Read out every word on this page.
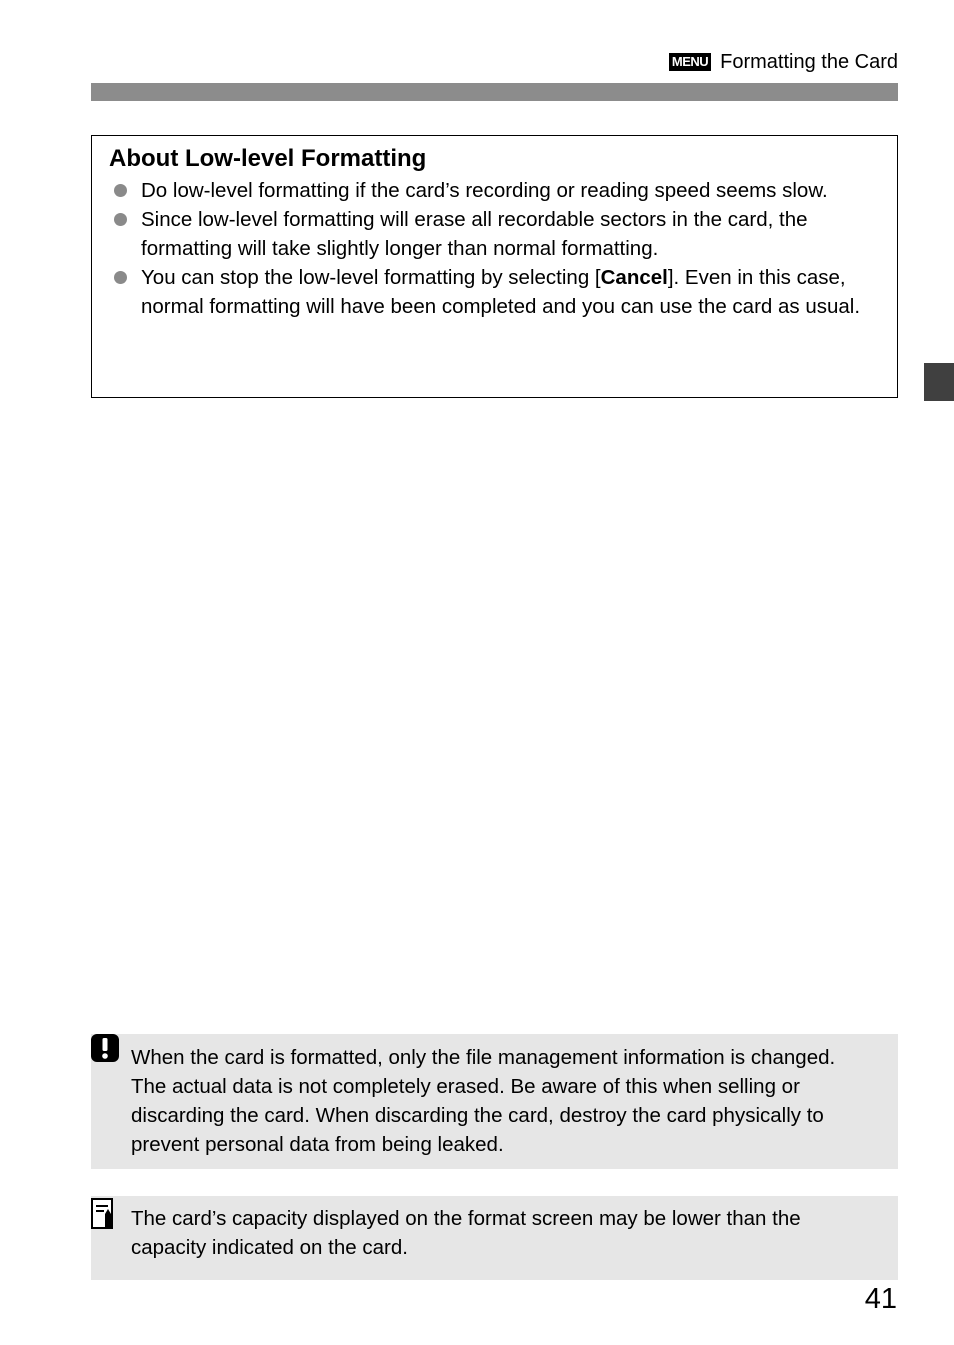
MENU Formatting the Card
About Low-level Formatting
Do low-level formatting if the card’s recording or reading speed seems slow.
Since low-level formatting will erase all recordable sectors in the card, the formatting will take slightly longer than normal formatting.
You can stop the low-level formatting by selecting [Cancel]. Even in this case, normal formatting will have been completed and you can use the card as usual.
When the card is formatted, only the file management information is changed. The actual data is not completely erased. Be aware of this when selling or discarding the card. When discarding the card, destroy the card physically to prevent personal data from being leaked.
The card’s capacity displayed on the format screen may be lower than the capacity indicated on the card.
41
